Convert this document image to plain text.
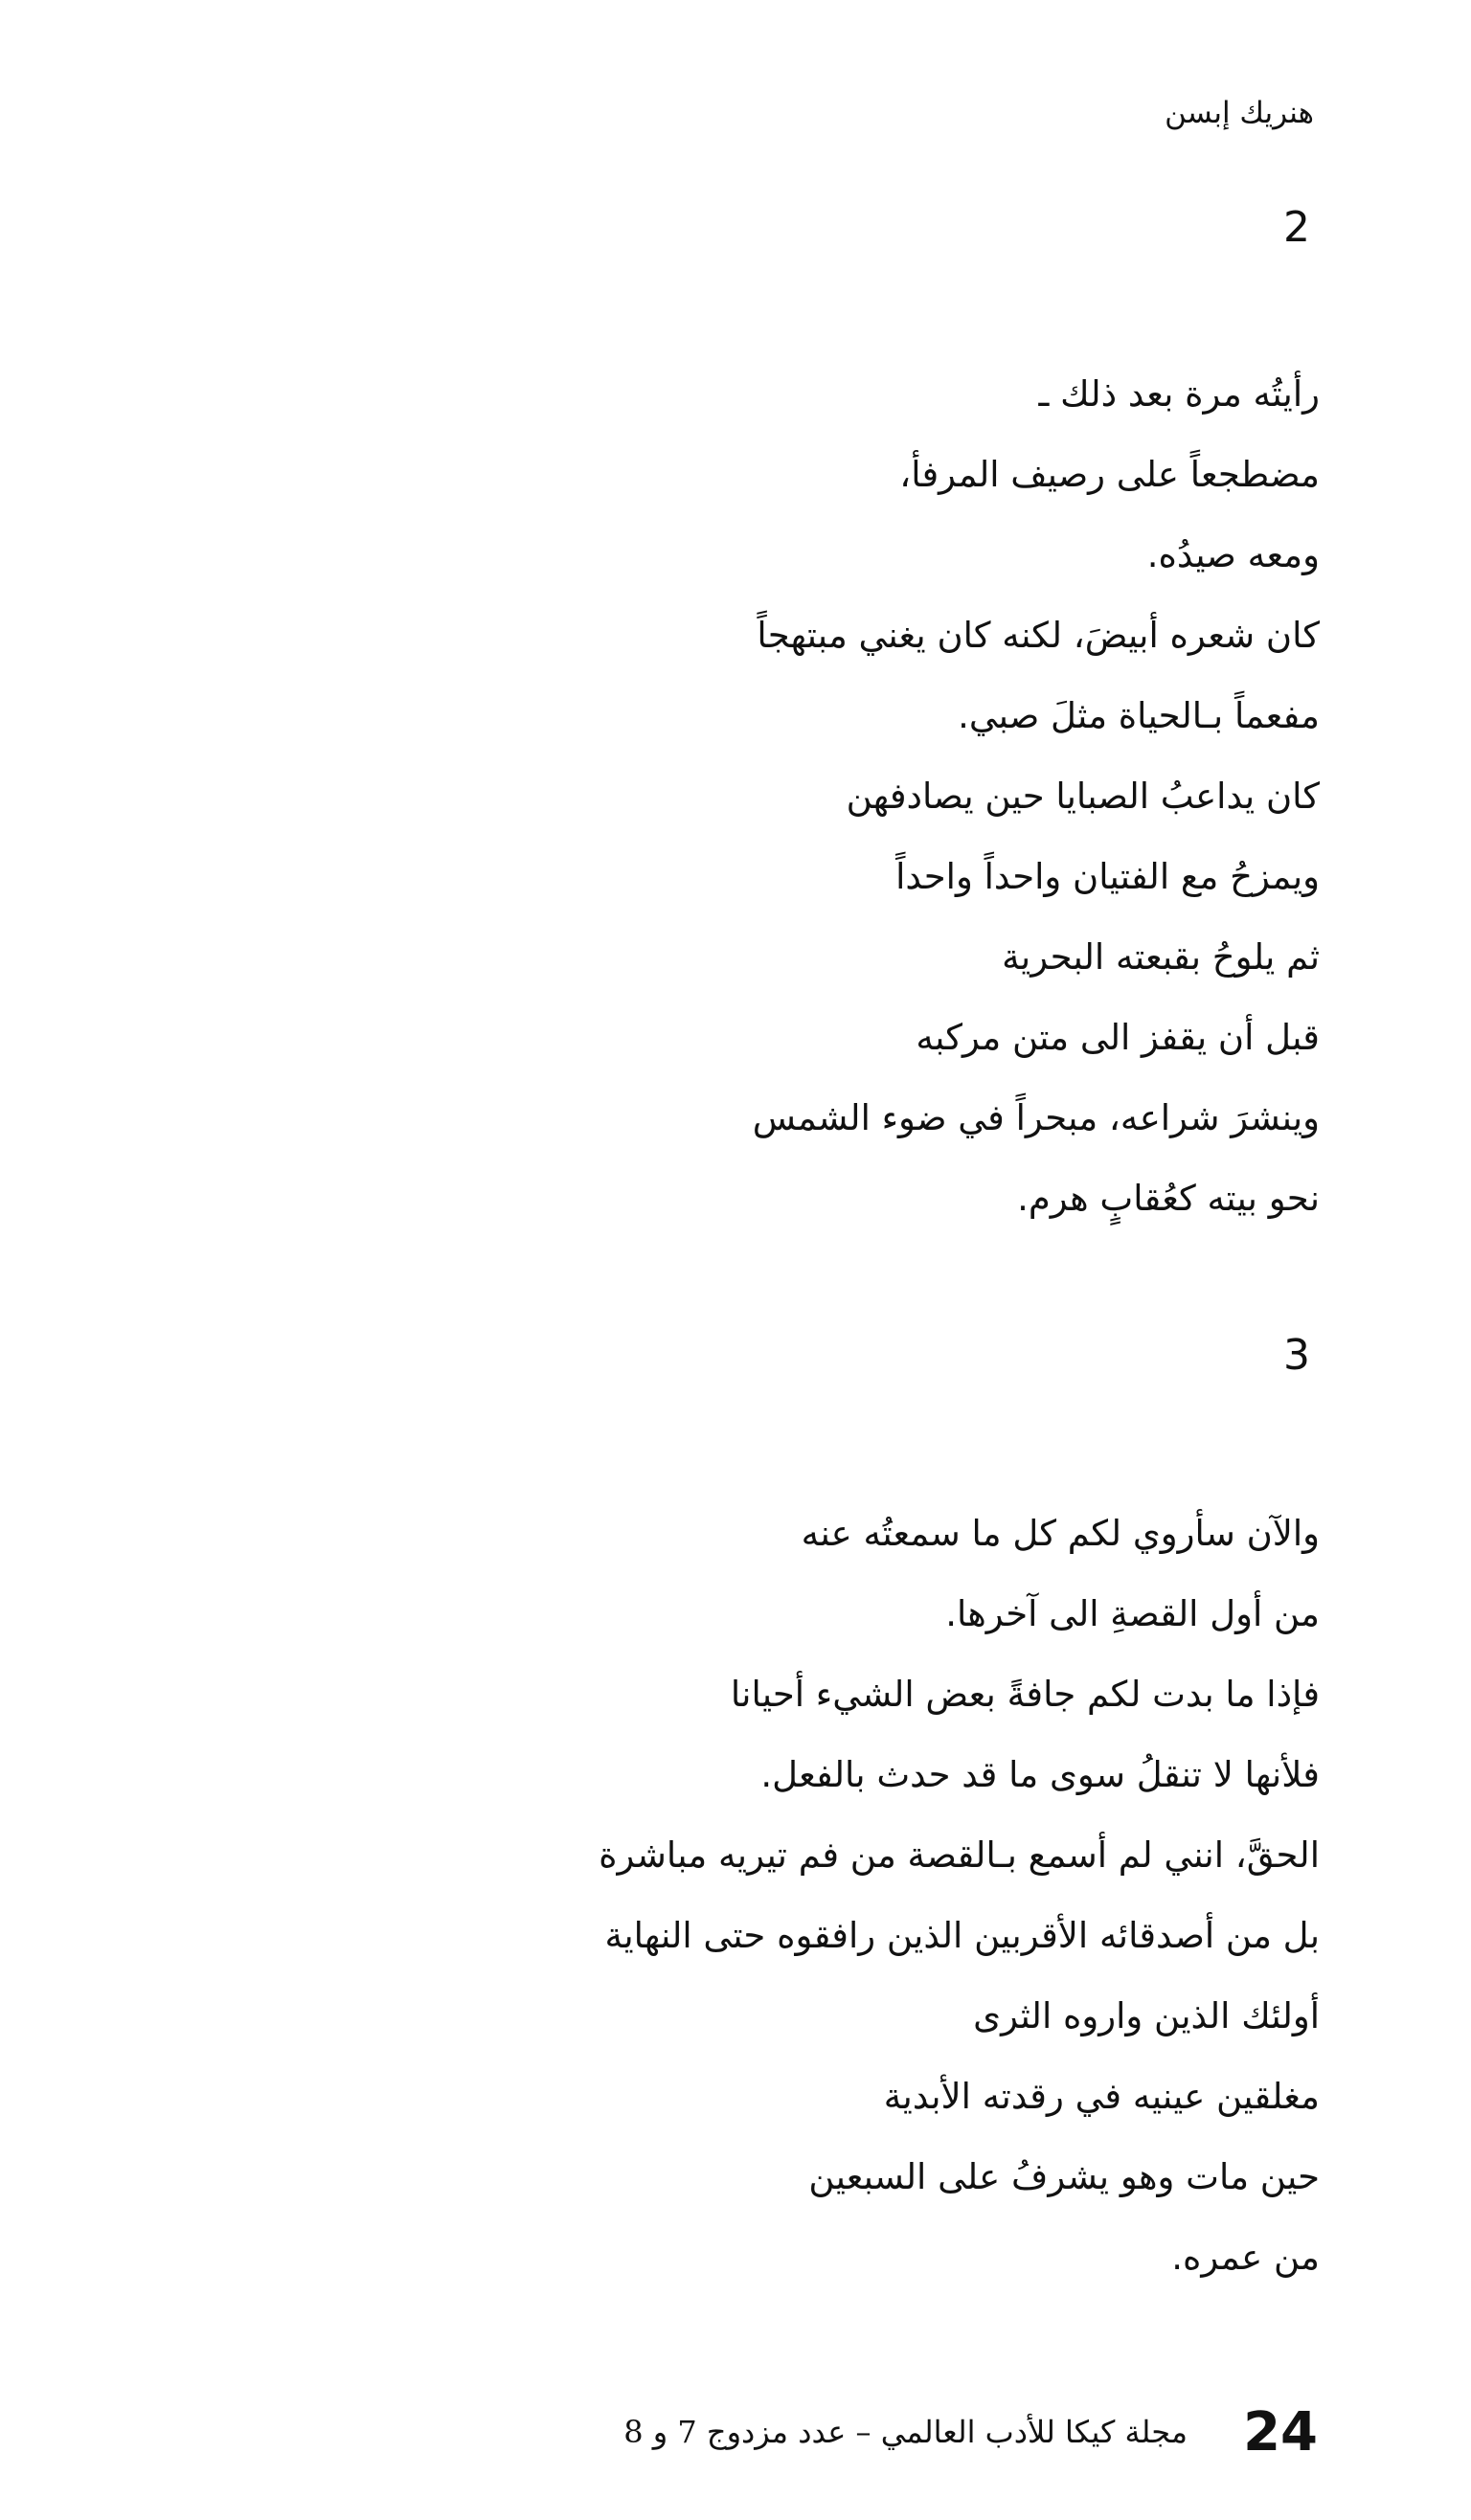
هنريك إبسن
2
رأيتُه مرة بعد ذلك ـ
مضطجعاً على رصيف المرفأ،
ومعه صيدُه.
كان شعره أبيضَ، لكنه كان يغني مبتهجاً
مفعماً بـالحياة مثلَ صبي.
كان يداعبُ الصبايا حين يصادفهن
ويمزحُ مع الفتيان واحداً واحداً
ثم يلوحُ بقبعته البحرية
قبل أن يقفز الى متن مركبه
وينشرَ شراعه، مبحراً في ضوء الشمس
نحو بيته كعُقابٍ هرم.
3
والآن سأروي لكم كل ما سمعتُه عنه
من أول القصةِ الى آخرها.
فإذا ما بدت لكم جافةً بعض الشيء أحيانا
فلأنها لا تنقلُ سوى ما قد حدث بالفعل.
الحقَّ، انني لم أسمع بـالقصة من فم تيريه مباشرة
بل من أصدقائه الأقربين الذين رافقوه حتى النهاية
أولئك الذين واروه الثرى
مغلقين عينيه في رقدته الأبدية
حين مات وهو يشرفُ على السبعين
من عمره.
مجلة كيكا للأدب العالمي – عدد مزدوج 7 و 8 24
